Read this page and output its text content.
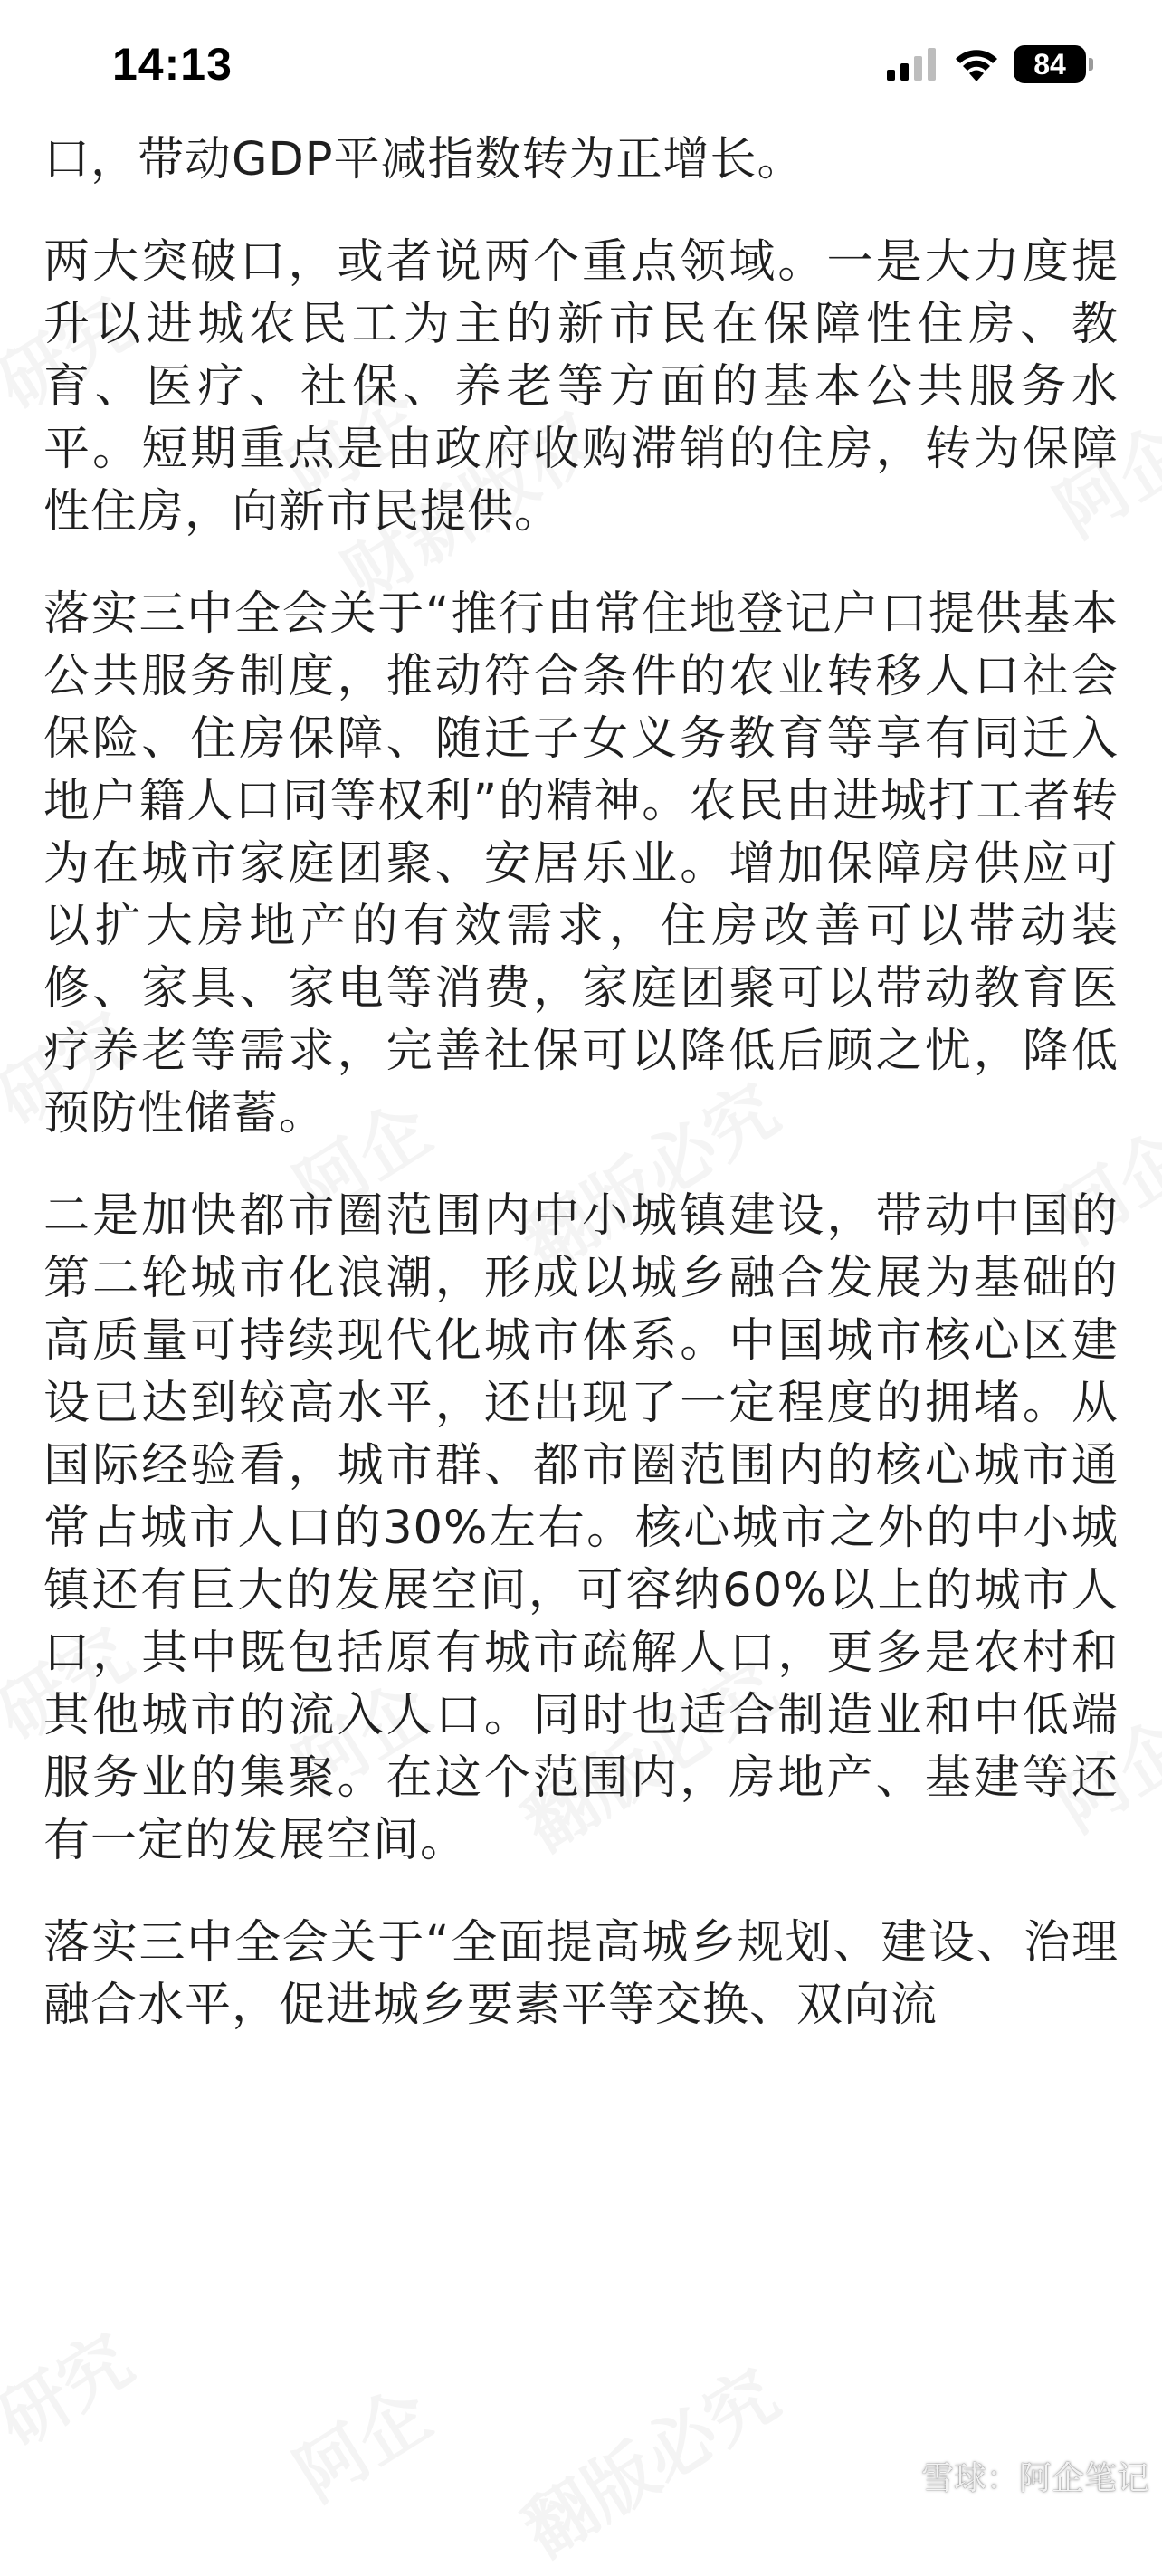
14:13	84

口，带动GDP平减指数转为正增长。

两大突破口，或者说两个重点领域。一是大力度提升以进城农民工为主的新市民在保障性住房、教育、医疗、社保、养老等方面的基本公共服务水平。短期重点是由政府收购滞销的住房，转为保障性住房，向新市民提供。

落实三中全会关于“推行由常住地登记户口提供基本公共服务制度，推动符合条件的农业转移人口社会保险、住房保障、随迁子女义务教育等享有同迁入地户籍人口同等权利”的精神。农民由进城打工者转为在城市家庭团聚、安居乐业。增加保障房供应可以扩大房地产的有效需求，住房改善可以带动装修、家具、家电等消费，家庭团聚可以带动教育医疗养老等需求，完善社保可以降低后顾之忧，降低预防性储蓄。

二是加快都市圈范围内中小城镇建设，带动中国的第二轮城市化浪潮，形成以城乡融合发展为基础的高质量可持续现代化城市体系。中国城市核心区建设已达到较高水平，还出现了一定程度的拥堵。从国际经验看，城市群、都市圈范围内的核心城市通常占城市人口的30%左右。核心城市之外的中小城镇还有巨大的发展空间，可容纳60%以上的城市人口，其中既包括原有城市疏解人口，更多是农村和其他城市的流入人口。同时也适合制造业和中低端服务业的集聚。在这个范围内，房地产、基建等还有一定的发展空间。

落实三中全会关于“全面提高城乡规划、建设、治理融合水平，促进城乡要素平等交换、双向流

雪球：阿企笔记
